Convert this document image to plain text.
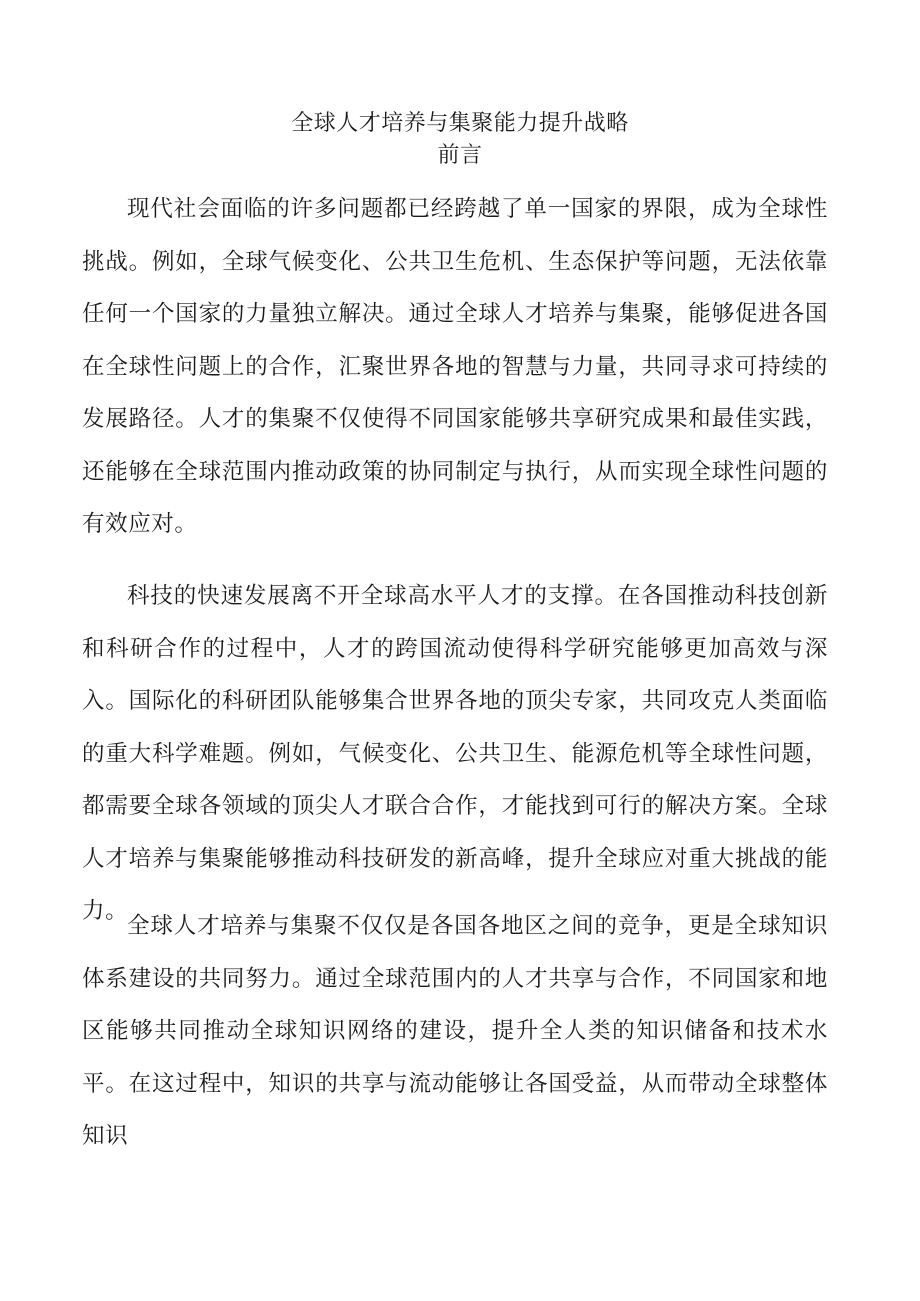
全球人才培养与集聚能力提升战略
前言

现代社会面临的许多问题都已经跨越了单一国家的界限，成为全球性挑战。例如，全球气候变化、公共卫生危机、生态保护等问题，无法依靠任何一个国家的力量独立解决。通过全球人才培养与集聚，能够促进各国在全球性问题上的合作，汇聚世界各地的智慧与力量，共同寻求可持续的发展路径。人才的集聚不仅使得不同国家能够共享研究成果和最佳实践，还能够在全球范围内推动政策的协同制定与执行，从而实现全球性问题的有效应对。

科技的快速发展离不开全球高水平人才的支撑。在各国推动科技创新和科研合作的过程中，人才的跨国流动使得科学研究能够更加高效与深入。国际化的科研团队能够集合世界各地的顶尖专家，共同攻克人类面临的重大科学难题。例如，气候变化、公共卫生、能源危机等全球性问题，都需要全球各领域的顶尖人才联合合作，才能找到可行的解决方案。全球人才培养与集聚能够推动科技研发的新高峰，提升全球应对重大挑战的能力。

全球人才培养与集聚不仅仅是各国各地区之间的竞争，更是全球知识体系建设的共同努力。通过全球范围内的人才共享与合作，不同国家和地区能够共同推动全球知识网络的建设，提升全人类的知识储备和技术水平。在这过程中，知识的共享与流动能够让各国受益，从而带动全球整体知识
